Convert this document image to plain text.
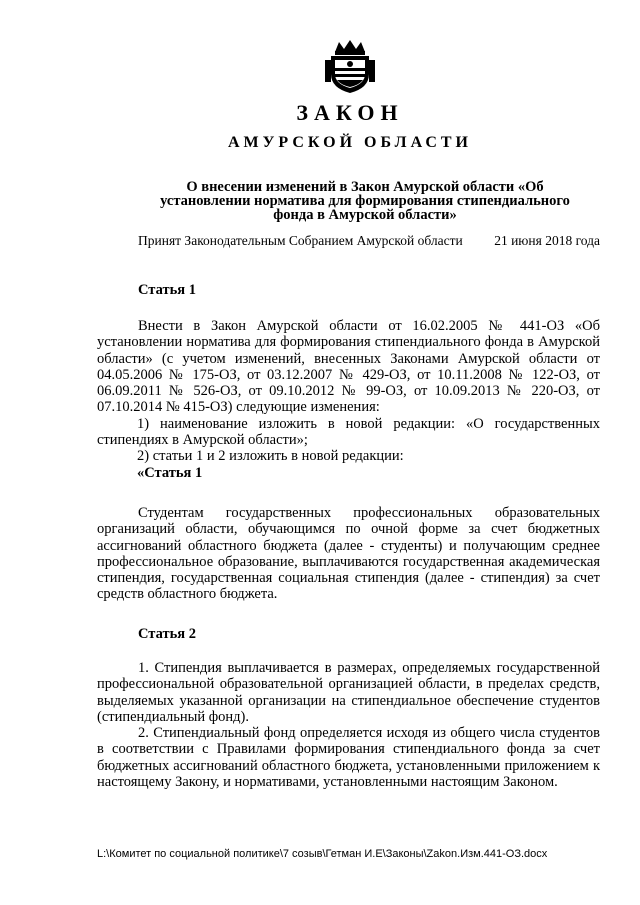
ЗАКОН
АМУРСКОЙ ОБЛАСТИ
О внесении изменений в Закон Амурской области «Об установлении норматива для формирования стипендиального фонда в Амурской области»
Принят Законодательным Собранием Амурской области 21 июня 2018 года
Статья 1

Внести в Закон Амурской области от 16.02.2005 № 441-ОЗ «Об установлении норматива для формирования стипендиального фонда в Амурской области» (с учетом изменений, внесенных Законами Амурской области от 04.05.2006 № 175-ОЗ, от 03.12.2007 № 429-ОЗ, от 10.11.2008 № 122-ОЗ, от 06.09.2011 № 526-ОЗ, от 09.10.2012 № 99-ОЗ, от 10.09.2013 № 220-ОЗ, от 07.10.2014 № 415-ОЗ) следующие изменения:

1) наименование изложить в новой редакции: «О государственных стипендиях в Амурской области»;

2) статьи 1 и 2 изложить в новой редакции:

«Статья 1

Студентам государственных профессиональных образовательных организаций области, обучающимся по очной форме за счет бюджетных ассигнований областного бюджета (далее - студенты) и получающим среднее профессиональное образование, выплачиваются государственная академическая стипендия, государственная социальная стипендия (далее - стипендия) за счет средств областного бюджета.

Статья 2

1. Стипендия выплачивается в размерах, определяемых государственной профессиональной образовательной организацией области, в пределах средств, выделяемых указанной организации на стипендиальное обеспечение студентов (стипендиальный фонд).

2. Стипендиальный фонд определяется исходя из общего числа студентов в соответствии с Правилами формирования стипендиального фонда за счет бюджетных ассигнований областного бюджета, установленными приложением к настоящему Закону, и нормативами, установленными настоящим Законом.

L:\Комитет по социальной политике\7 созыв\Гетман И.Е\Законы\Zakon.Изм.441-ОЗ.docx
